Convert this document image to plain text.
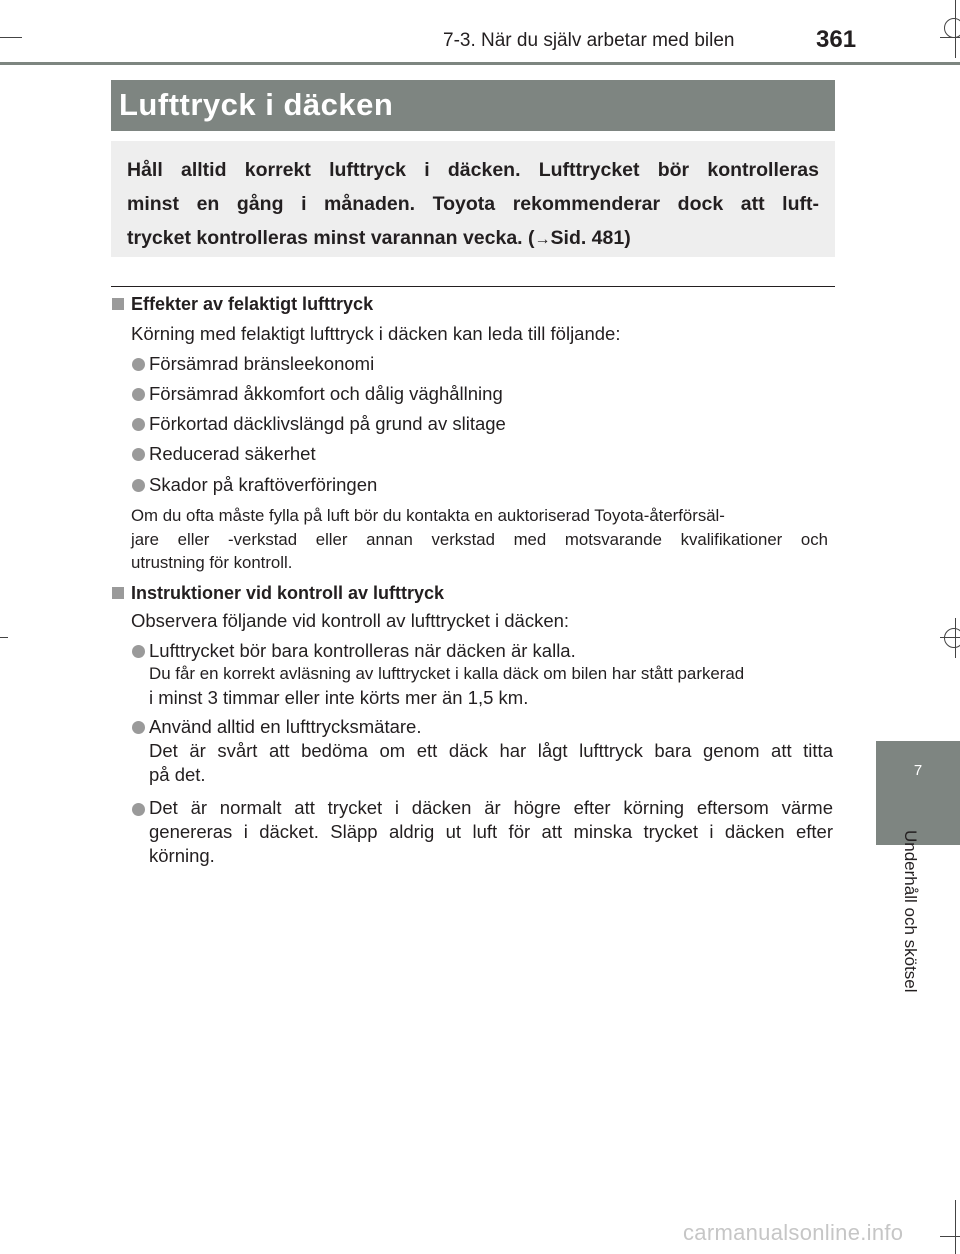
7-3. När du själv arbetar med bilen	361
Lufttryck i däcken
Håll alltid korrekt lufttryck i däcken. Lufttrycket bör kontrolleras
minst en gång i månaden. Toyota rekommenderar dock att luft-
trycket kontrolleras minst varannan vecka. (→Sid. 481)
Effekter av felaktigt lufttryck
Körning med felaktigt lufttryck i däcken kan leda till följande:
Försämrad bränsleekonomi
Försämrad åkkomfort och dålig väghållning
Förkortad däcklivslängd på grund av slitage
Reducerad säkerhet
Skador på kraftöverföringen
Om du ofta måste fylla på luft bör du kontakta en auktoriserad Toyota-återförsäl-
jare eller -verkstad eller annan verkstad med motsvarande kvalifikationer och
utrustning för kontroll.
Instruktioner vid kontroll av lufttryck
Observera följande vid kontroll av lufttrycket i däcken:
Lufttrycket bör bara kontrolleras när däcken är kalla.
Du får en korrekt avläsning av lufttrycket i kalla däck om bilen har stått parkerad
i minst 3 timmar eller inte körts mer än 1,5 km.
Använd alltid en lufttrycksmätare.
Det är svårt att bedöma om ett däck har lågt lufttryck bara genom att titta
på det.
Det är normalt att trycket i däcken är högre efter körning eftersom värme
genereras i däcket. Släpp aldrig ut luft för att minska trycket i däcken efter
körning.
7
Underhåll och skötsel
carmanualsonline.info
